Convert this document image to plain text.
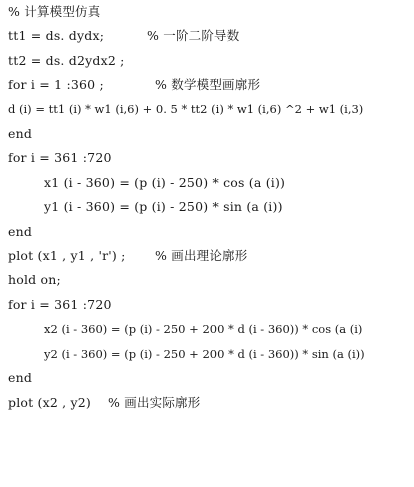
% 计算模型仿真

tt1 = ds. dydx;

	% 一阶二阶导数

tt2 = ds. d2ydx2 ;

for i = 1 :360 ;

	% 数学模型画廓形

d (i) = tt1 (i) * w1 (i,6) + 0. 5 * tt2 (i) * w1 (i,6) ^2 + w1 (i,3)

end

for i = 361 :720

x1 (i - 360) = (p (i) - 250) * cos (a (i))

y1 (i - 360) = (p (i) - 250) * sin (a (i))

end

plot (x1 , y1 , 'r') ;

% 画出理论廓形

hold on;

for i = 361 :720

x2 (i - 360) = (p (i) - 250 + 200 * d (i - 360)) * cos (a (i)

y2 (i - 360) = (p (i) - 250 + 200 * d (i - 360)) * sin (a (i))

end

plot (x2 , y2)

% 画出实际廓形
